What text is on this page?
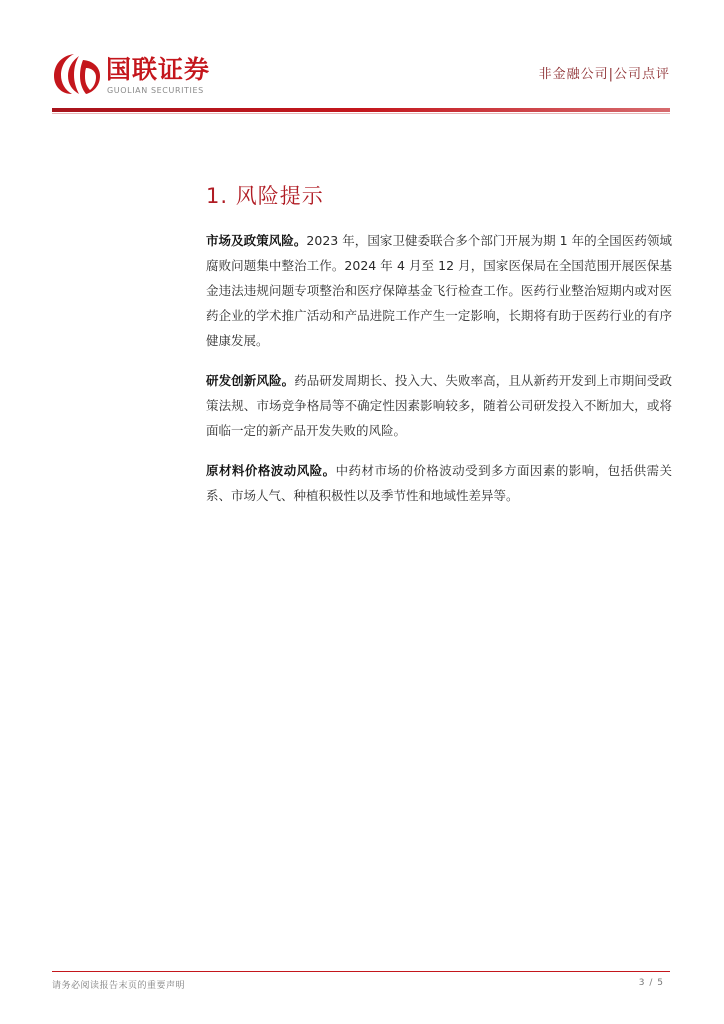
国联证券
GUOLIAN SECURITIES
非金融公司|公司点评
1. 风险提示

市场及政策风险。2023 年，国家卫健委联合多个部门开展为期 1 年的全国医药领域腐败问题集中整治工作。2024 年 4 月至 12 月，国家医保局在全国范围开展医保基金违法违规问题专项整治和医疗保障基金飞行检查工作。医药行业整治短期内或对医药企业的学术推广活动和产品进院工作产生一定影响，长期将有助于医药行业的有序健康发展。

研发创新风险。药品研发周期长、投入大、失败率高，且从新药开发到上市期间受政策法规、市场竞争格局等不确定性因素影响较多，随着公司研发投入不断加大，或将面临一定的新产品开发失败的风险。

原材料价格波动风险。中药材市场的价格波动受到多方面因素的影响，包括供需关系、市场人气、种植积极性以及季节性和地域性差异等。

请务必阅读报告末页的重要声明	3 / 5
